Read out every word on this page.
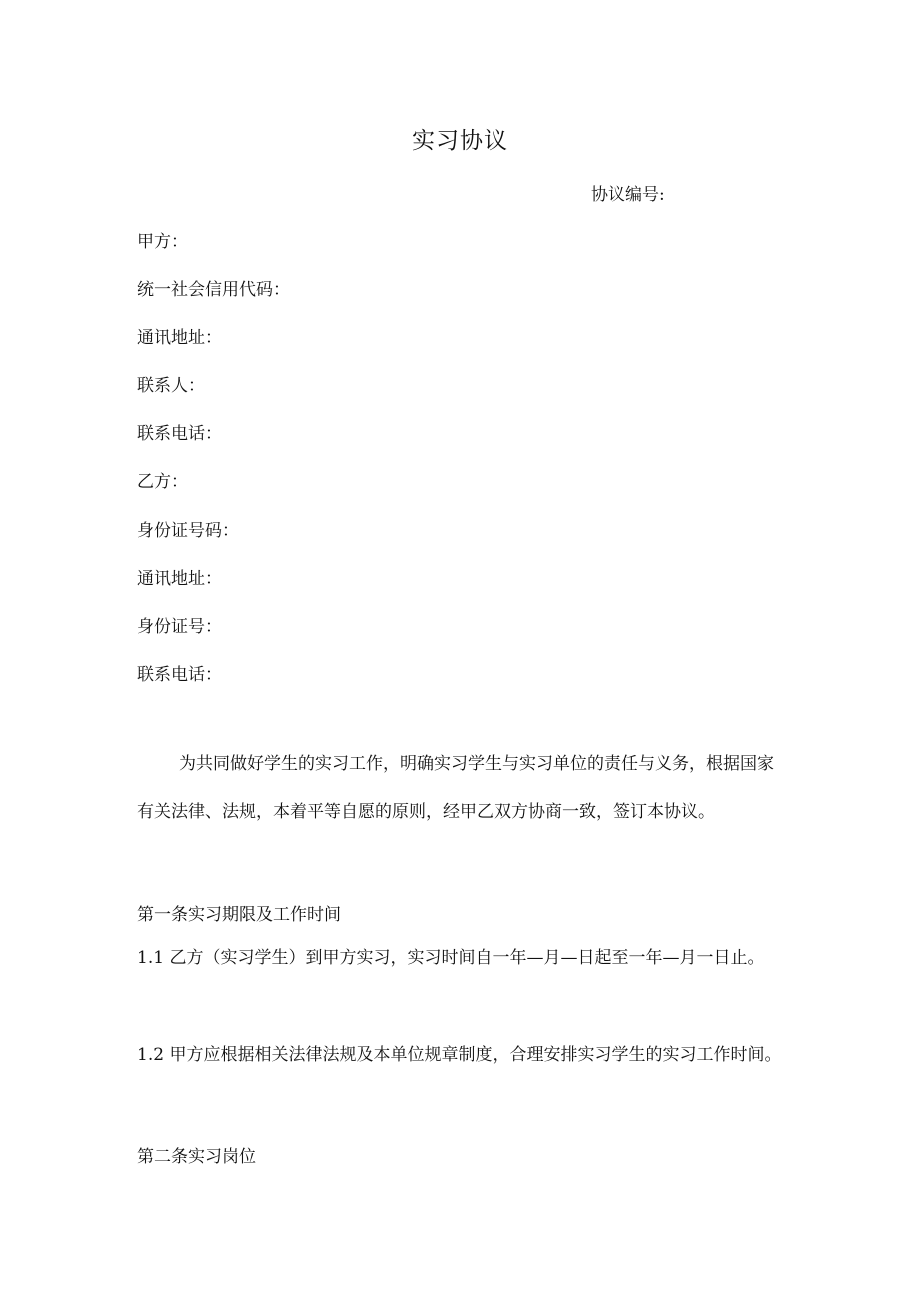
实习协议
协议编号:
甲方：
统一社会信用代码：
通讯地址：
联系人：
联系电话：
乙方：
身份证号码：
通讯地址：
身份证号：
联系电话：

为共同做好学生的实习工作，明确实习学生与实习单位的责任与义务，根据国家有关法律、法规，本着平等自愿的原则，经甲乙双方协商一致，签订本协议。

第一条实习期限及工作时间

1.1 乙方（实习学生）到甲方实习，实习时间自一年—月—日起至一年—月一日止。

1.2 甲方应根据相关法律法规及本单位规章制度，合理安排实习学生的实习工作时间。

第二条实习岗位
